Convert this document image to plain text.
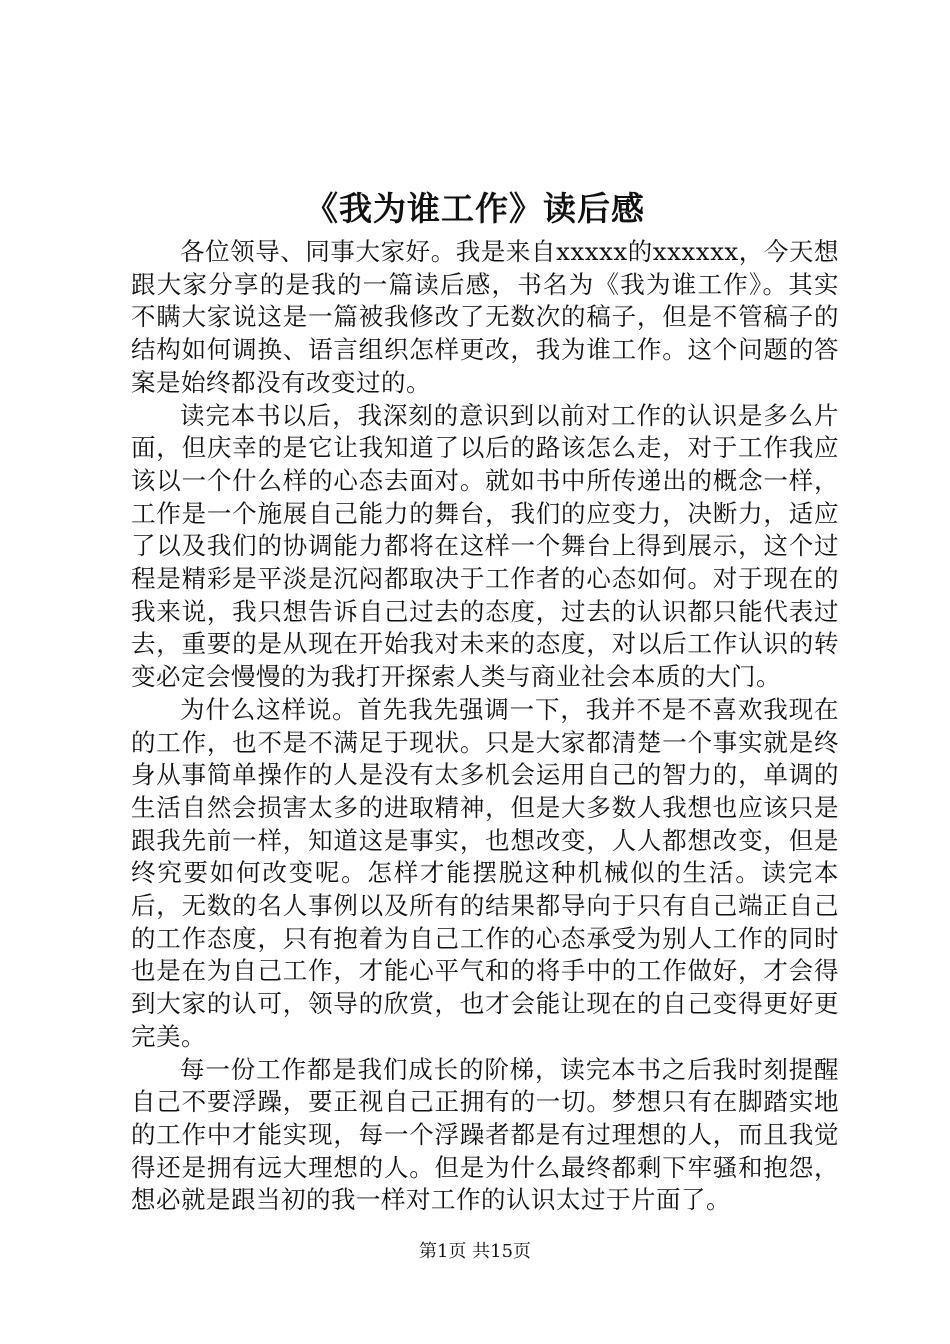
《我为谁工作》读后感

各位领导、同事大家好。我是来自xxxxx的xxxxxx，今天想跟大家分享的是我的一篇读后感，书名为《我为谁工作》。其实不瞒大家说这是一篇被我修改了无数次的稿子，但是不管稿子的结构如何调换、语言组织怎样更改，我为谁工作。这个问题的答案是始终都没有改变过的。

读完本书以后，我深刻的意识到以前对工作的认识是多么片面，但庆幸的是它让我知道了以后的路该怎么走，对于工作我应该以一个什么样的心态去面对。就如书中所传递出的概念一样，工作是一个施展自己能力的舞台，我们的应变力，决断力，适应了以及我们的协调能力都将在这样一个舞台上得到展示，这个过程是精彩是平淡是沉闷都取决于工作者的心态如何。对于现在的我来说，我只想告诉自己过去的态度，过去的认识都只能代表过去，重要的是从现在开始我对未来的态度，对以后工作认识的转变必定会慢慢的为我打开探索人类与商业社会本质的大门。

为什么这样说。首先我先强调一下，我并不是不喜欢我现在的工作，也不是不满足于现状。只是大家都清楚一个事实就是终身从事简单操作的人是没有太多机会运用自己的智力的，单调的生活自然会损害太多的进取精神，但是大多数人我想也应该只是跟我先前一样，知道这是事实，也想改变，人人都想改变，但是终究要如何改变呢。怎样才能摆脱这种机械似的生活。读完本后，无数的名人事例以及所有的结果都导向于只有自己端正自己的工作态度，只有抱着为自己工作的心态承受为别人工作的同时也是在为自己工作，才能心平气和的将手中的工作做好，才会得到大家的认可，领导的欣赏，也才会能让现在的自己变得更好更完美。

每一份工作都是我们成长的阶梯，读完本书之后我时刻提醒自己不要浮躁，要正视自己正拥有的一切。梦想只有在脚踏实地的工作中才能实现，每一个浮躁者都是有过理想的人，而且我觉得还是拥有远大理想的人。但是为什么最终都剩下牢骚和抱怨，想必就是跟当初的我一样对工作的认识太过于片面了。

第1页 共15页
